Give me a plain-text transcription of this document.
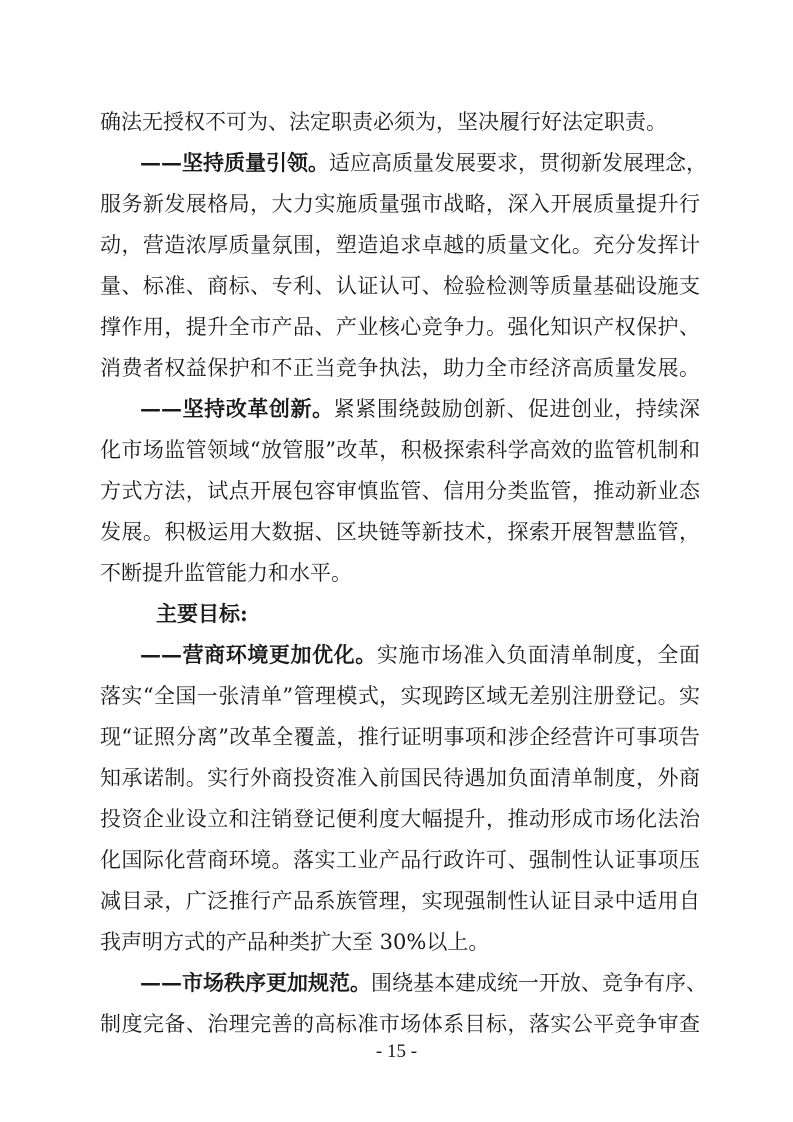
确法无授权不可为、法定职责必须为，坚决履行好法定职责。
——坚持质量引领。适应高质量发展要求，贯彻新发展理念，
服务新发展格局，大力实施质量强市战略，深入开展质量提升行
动，营造浓厚质量氛围，塑造追求卓越的质量文化。充分发挥计
量、标准、商标、专利、认证认可、检验检测等质量基础设施支
撑作用，提升全市产品、产业核心竞争力。强化知识产权保护、
消费者权益保护和不正当竞争执法，助力全市经济高质量发展。
——坚持改革创新。紧紧围绕鼓励创新、促进创业，持续深
化市场监管领域“放管服”改革，积极探索科学高效的监管机制和
方式方法，试点开展包容审慎监管、信用分类监管，推动新业态
发展。积极运用大数据、区块链等新技术，探索开展智慧监管，
不断提升监管能力和水平。
主要目标:
——营商环境更加优化。实施市场准入负面清单制度，全面
落实“全国一张清单”管理模式，实现跨区域无差别注册登记。实
现“证照分离”改革全覆盖，推行证明事项和涉企经营许可事项告
知承诺制。实行外商投资准入前国民待遇加负面清单制度，外商
投资企业设立和注销登记便利度大幅提升，推动形成市场化法治
化国际化营商环境。落实工业产品行政许可、强制性认证事项压
减目录，广泛推行产品系族管理，实现强制性认证目录中适用自
我声明方式的产品种类扩大至 30%以上。
——市场秩序更加规范。围绕基本建成统一开放、竞争有序、
制度完备、治理完善的高标准市场体系目标，落实公平竞争审查
- 15 -
